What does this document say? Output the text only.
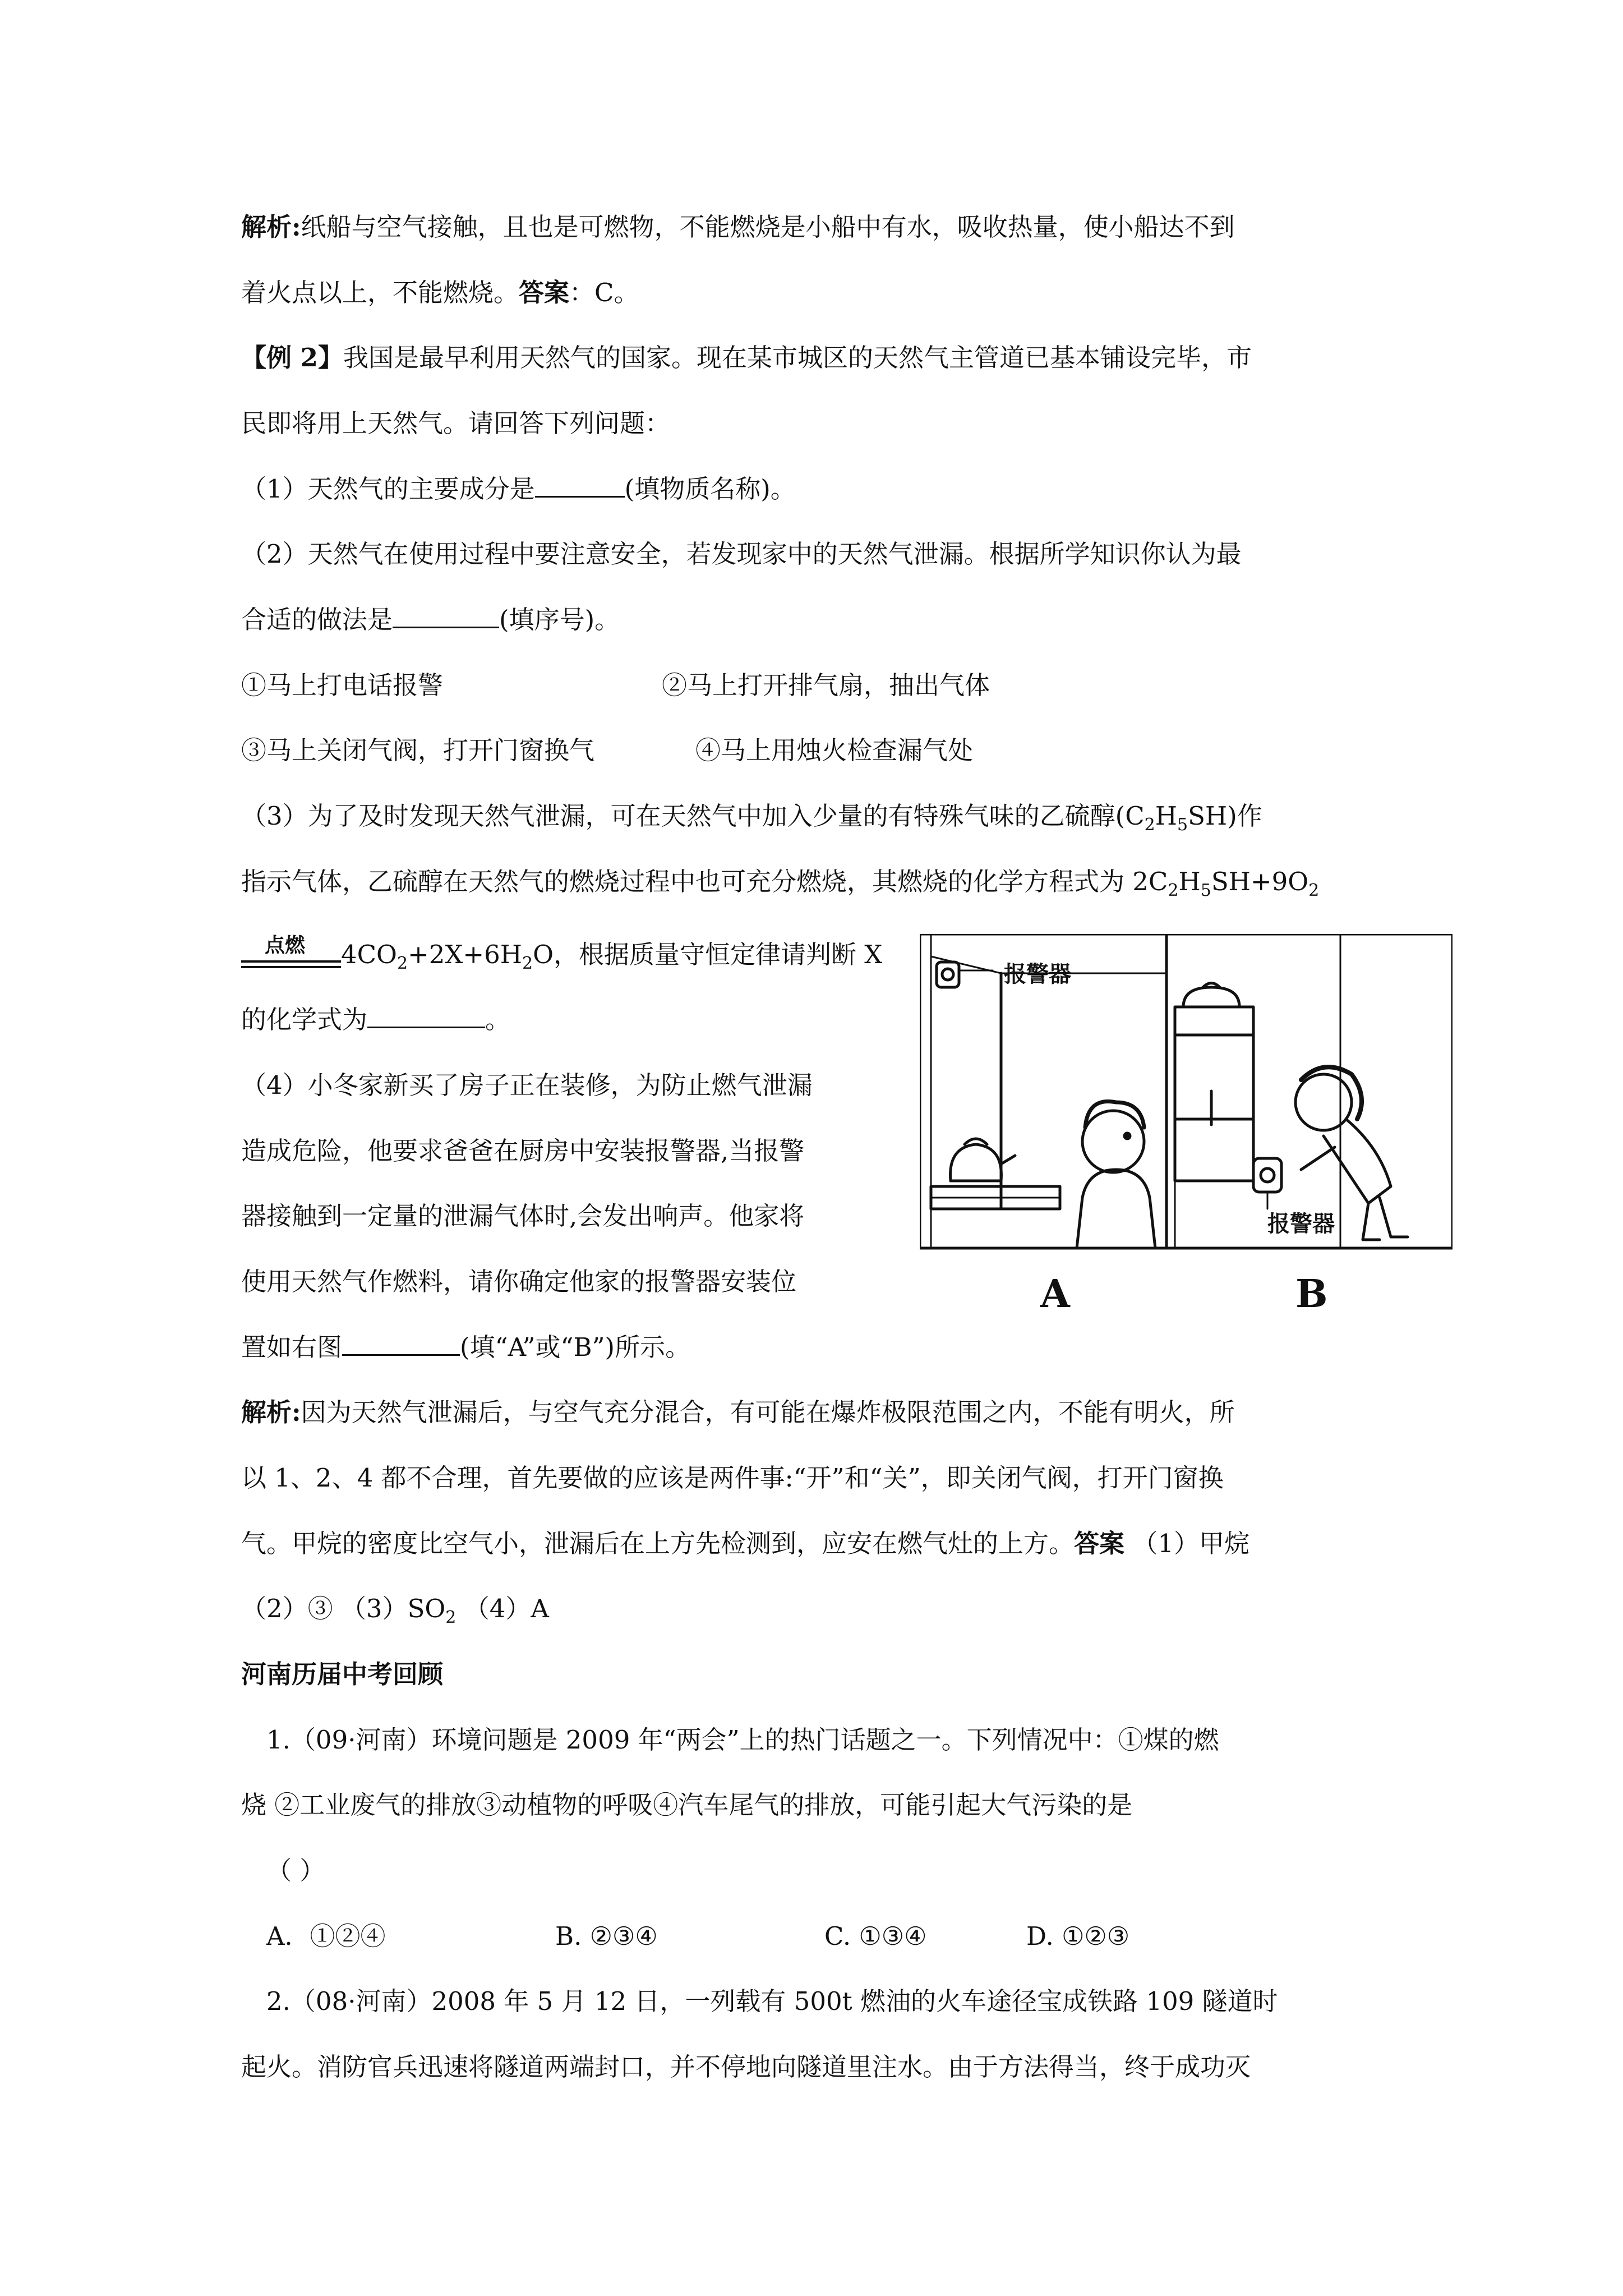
解析:纸船与空气接触，且也是可燃物，不能燃烧是小船中有水，吸收热量，使小船达不到
着火点以上，不能燃烧。答案：C。
【例 2】我国是最早利用天然气的国家。现在某市城区的天然气主管道已基本铺设完毕，市
民即将用上天然气。请回答下列问题：
（1）天然气的主要成分是	(填物质名称)。
（2）天然气在使用过程中要注意安全，若发现家中的天然气泄漏。根据所学知识你认为最
合适的做法是	(填序号)。
①马上打电话报警	②马上打开排气扇，抽出气体
③马上关闭气阀，打开门窗换气	④马上用烛火检查漏气处
（3）为了及时发现天然气泄漏，可在天然气中加入少量的有特殊气味的乙硫醇$(C_2H_5SH)$作
指示气体，乙硫醇在天然气的燃烧过程中也可充分燃烧，其燃烧的化学方程式为 $2C_2H_5SH+9O_2$
点燃 $4CO_2+2X+6H_2O$，根据质量守恒定律请判断 X
的化学式为	。
（4）小冬家新买了房子正在装修，为防止燃气泄漏
造成危险，他要求爸爸在厨房中安装报警器,当报警
器接触到一定量的泄漏气体时,会发出响声。他家将
使用天然气作燃料，请你确定他家的报警器安装位
置如右图	(填“A”或“B”)所示。
报警器
报警器
A	B
解析:因为天然气泄漏后，与空气充分混合，有可能在爆炸极限范围之内，不能有明火，所
以 1、2、4 都不合理，首先要做的应该是两件事:“开”和“关”，即关闭气阀，打开门窗换
气。甲烷的密度比空气小，泄漏后在上方先检测到，应安在燃气灶的上方。答案 （1）甲烷
（2）③ $(3)SO_2$ （4）A
河南历届中考回顾
1.（09·河南）环境问题是 2009 年“两会”上的热门话题之一。下列情况中：①煤的燃
烧 ②工业废气的排放③动植物的呼吸④汽车尾气的排放，可能引起大气污染的是
（ ）
A．①②④	B. ②③④	C. ①③④	D. ①②③
2.（08·河南）2008 年 5 月 12 日，一列载有 500t 燃油的火车途径宝成铁路 109 隧道时
起火。消防官兵迅速将隧道两端封口，并不停地向隧道里注水。由于方法得当，终于成功灭
